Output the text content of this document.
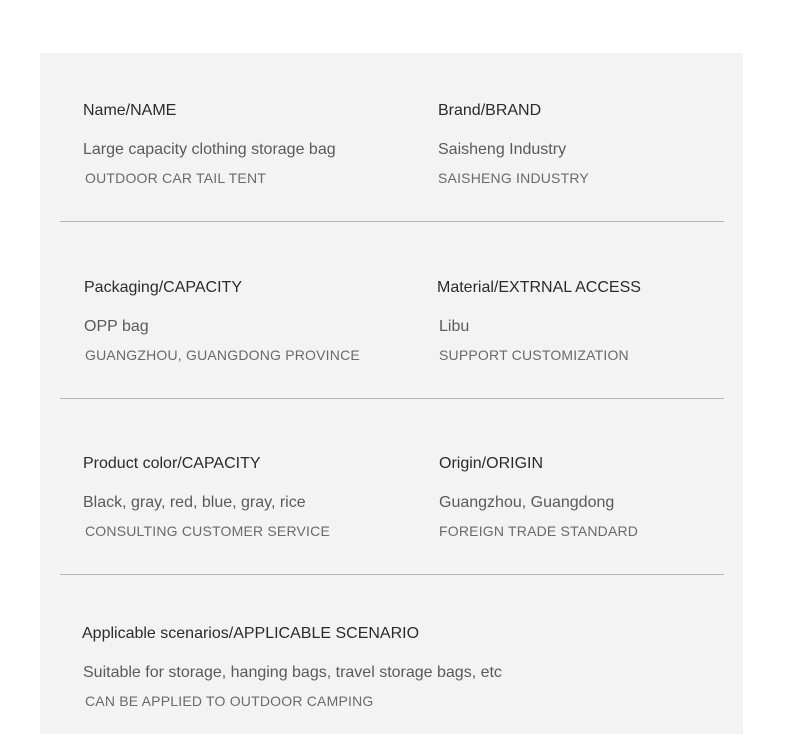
Name/NAME
Large capacity clothing storage bag
OUTDOOR CAR TAIL TENT
Brand/BRAND
Saisheng Industry
SAISHENG INDUSTRY
Packaging/CAPACITY
OPP bag
GUANGZHOU, GUANGDONG PROVINCE
Material/EXTRNAL ACCESS
Libu
SUPPORT CUSTOMIZATION
Product color/CAPACITY
Black, gray, red, blue, gray, rice
CONSULTING CUSTOMER SERVICE
Origin/ORIGIN
Guangzhou, Guangdong
FOREIGN TRADE STANDARD
Applicable scenarios/APPLICABLE SCENARIO
Suitable for storage, hanging bags, travel storage bags, etc
CAN BE APPLIED TO OUTDOOR CAMPING
